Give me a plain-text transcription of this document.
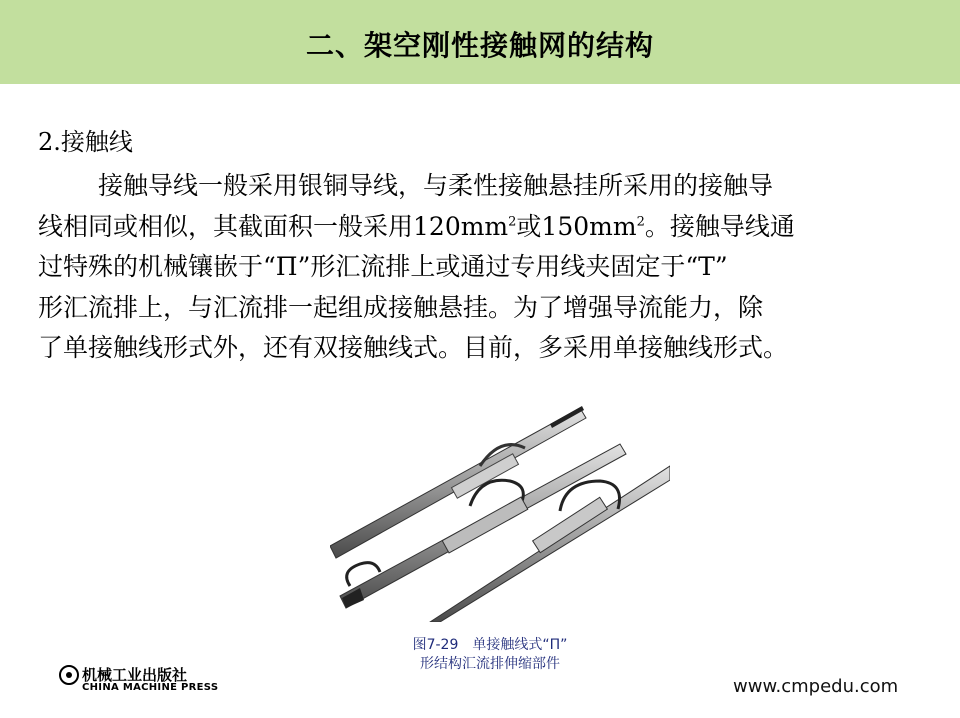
二、架空刚性接触网的结构
2.接触线
接触导线一般采用银铜导线，与柔性接触悬挂所采用的接触导
线相同或相似，其截面积一般采用$120mm^2$或$150mm^2$。接触导线通
过特殊的机械镶嵌于“Π”形汇流排上或通过专用线夹固定于“T”
形汇流排上，与汇流排一起组成接触悬挂。为了增强导流能力，除
了单接触线形式外，还有双接触线式。目前，多采用单接触线形式。
图7-29　单接触线式“Π”
形结构汇流排伸缩部件
机械工业出版社
CHINA MACHINE PRESS	www.cmpedu.com
